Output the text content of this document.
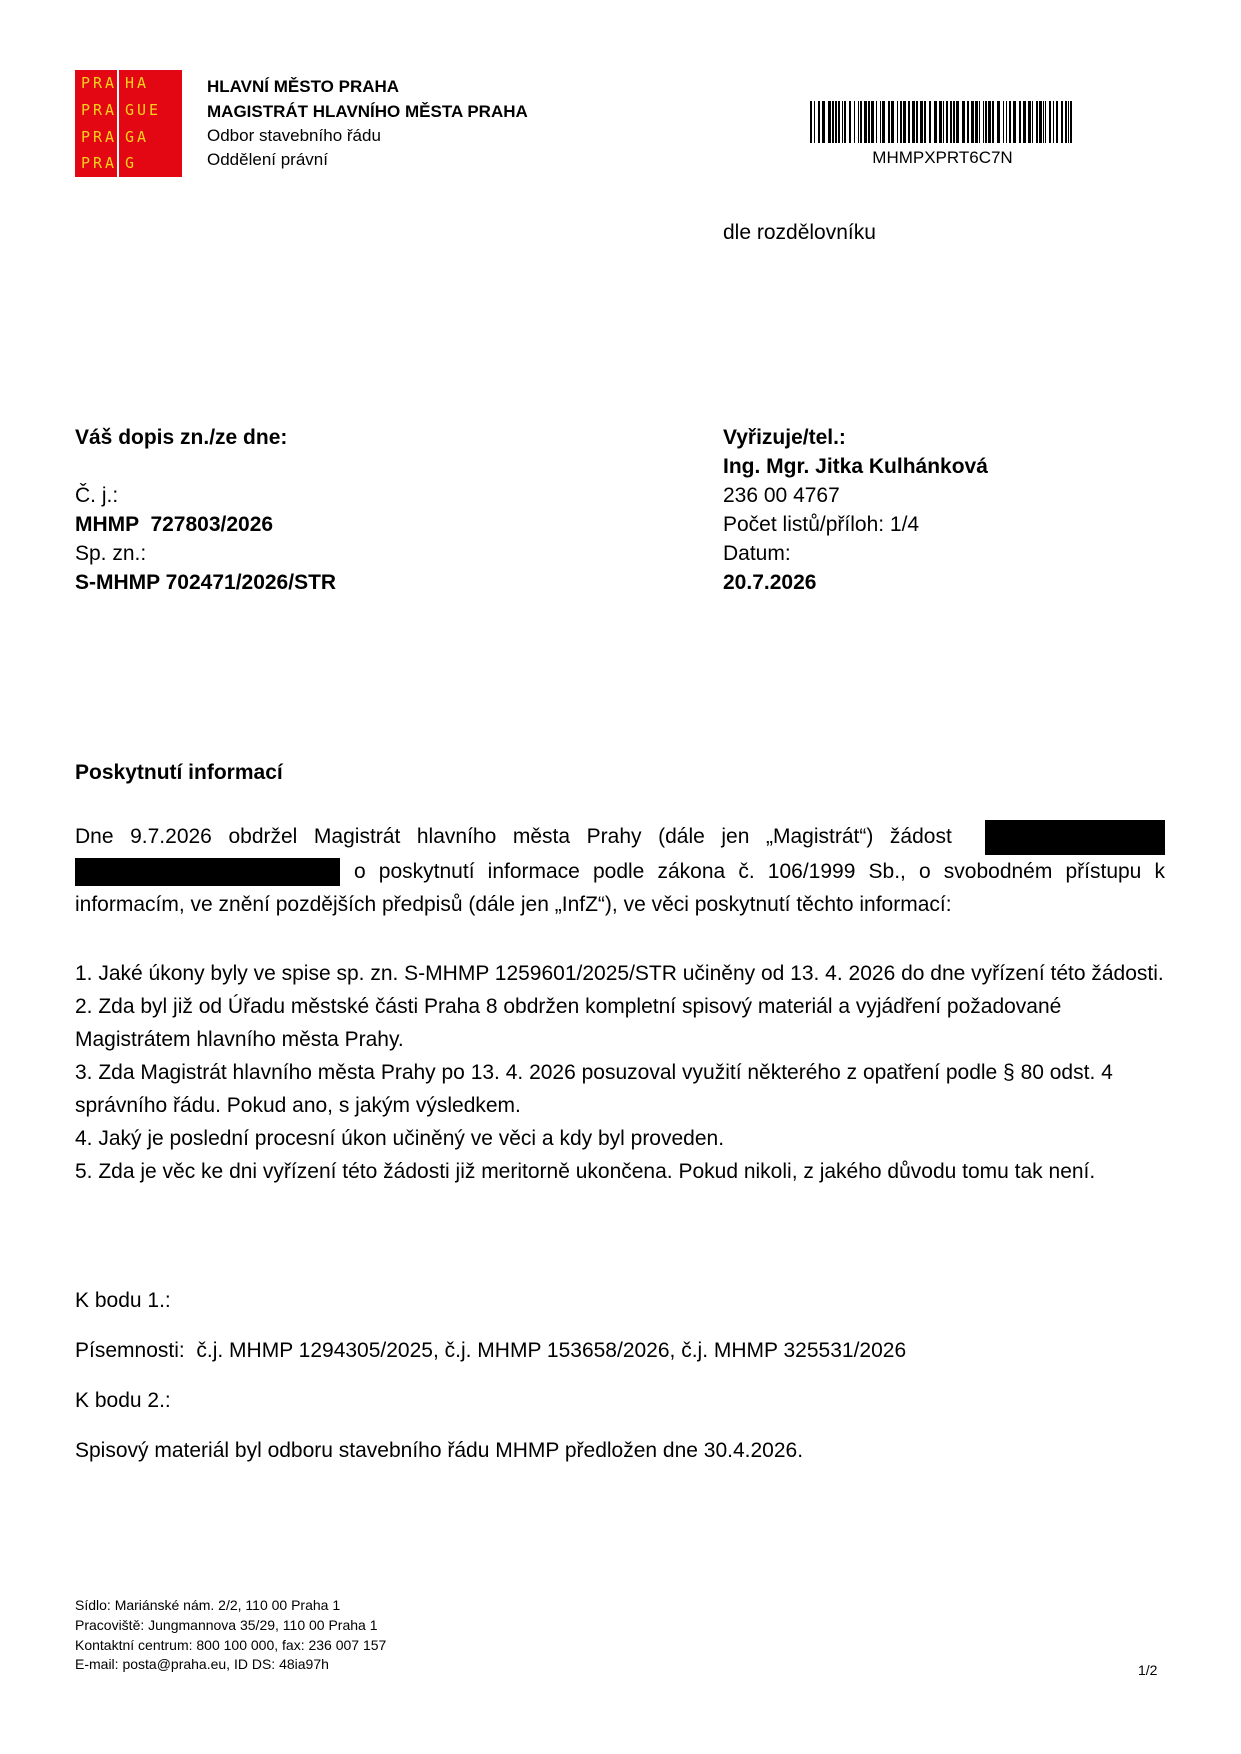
PRA HA
PRA GUE
PRA GA
PRA G
HLAVNÍ MĚSTO PRAHA
MAGISTRÁT HLAVNÍHO MĚSTA PRAHA
Odbor stavebního řádu
Oddělení právní	MHMPXPRT6C7N
dle rozdělovníku
Váš dopis zn./ze dne:
Č. j.:
MHMP  727803/2026
Sp. zn.:
S-MHMP 702471/2026/STR
Vyřizuje/tel.:
Ing. Mgr. Jitka Kulhánková
236 00 4767
Počet listů/příloh: 1/4
Datum:
20.7.2026
Poskytnutí informací
Dne 9.7.2026 obdržel Magistrát hlavního města Prahy (dále jen „Magistrát“) žádost
o poskytnutí informace podle zákona č. 106/1999 Sb., o svobodném přístupu k informacím, ve znění pozdějších předpisů (dále jen „InfZ“), ve věci poskytnutí těchto informací:
1. Jaké úkony byly ve spise sp. zn. S-MHMP 1259601/2025/STR učiněny od 13. 4. 2026 do dne vyřízení této žádosti.
2. Zda byl již od Úřadu městské části Praha 8 obdržen kompletní spisový materiál a vyjádření požadované Magistrátem hlavního města Prahy.
3. Zda Magistrát hlavního města Prahy po 13. 4. 2026 posuzoval využití některého z opatření podle § 80 odst. 4 správního řádu. Pokud ano, s jakým výsledkem.
4. Jaký je poslední procesní úkon učiněný ve věci a kdy byl proveden.
5. Zda je věc ke dni vyřízení této žádosti již meritorně ukončena. Pokud nikoli, z jakého důvodu tomu tak není.
K bodu 1.:
Písemnosti:  č.j. MHMP 1294305/2025, č.j. MHMP 153658/2026, č.j. MHMP 325531/2026
K bodu 2.:
Spisový materiál byl odboru stavebního řádu MHMP předložen dne 30.4.2026.
Sídlo: Mariánské nám. 2/2, 110 00 Praha 1
Pracoviště: Jungmannova 35/29, 110 00 Praha 1
Kontaktní centrum: 800 100 000, fax: 236 007 157
E-mail: posta@praha.eu, ID DS: 48ia97h	1/2
